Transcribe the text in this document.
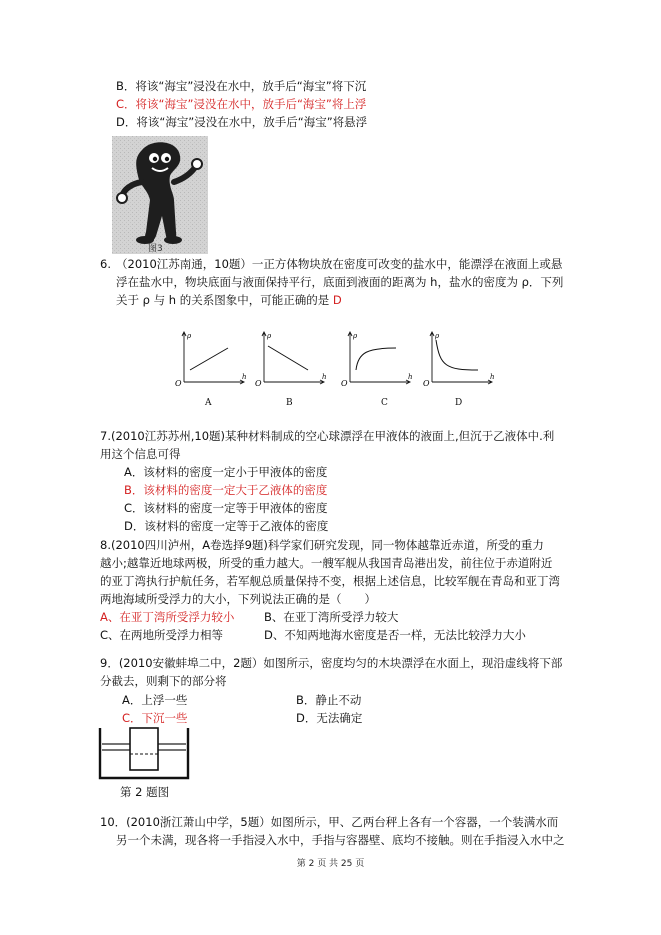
B．将该“海宝”浸没在水中，放手后“海宝”将下沉
C．将该“海宝”浸没在水中，放手后“海宝”将上浮
D．将该“海宝”浸没在水中，放手后“海宝”将悬浮
图3
6. （2010江苏南通，10题）一正方体物块放在密度可改变的盐水中，能漂浮在液面上或悬
浮在盐水中，物块底面与液面保持平行，底面到液面的距离为 h，盐水的密度为 ρ．下列
关于 ρ 与 h 的关系图象中，可能正确的是 D
ρ
h
O
ρ
h
O
ρ
h
O
ρ
h
O
A	B	C	D
7.(2010江苏苏州,10题)某种材料制成的空心球漂浮在甲液体的液面上,但沉于乙液体中.利
用这个信息可得
A．该材料的密度一定小于甲液体的密度
B．该材料的密度一定大于乙液体的密度
C．该材料的密度一定等于甲液体的密度
D．该材料的密度一定等于乙液体的密度
8.(2010四川泸州，A卷选择9题)科学家们研究发现，同一物体越靠近赤道，所受的重力
越小;越靠近地球两极，所受的重力越大。一艘军舰从我国青岛港出发，前往位于赤道附近
的亚丁湾执行护航任务，若军舰总质量保持不变，根据上述信息，比较军舰在青岛和亚丁湾
两地海域所受浮力的大小，下列说法正确的是（　　）
A、在亚丁湾所受浮力较小	B、在亚丁湾所受浮力较大
C、在两地所受浮力相等	D、不知两地海水密度是否一样，无法比较浮力大小
9．(2010安徽蚌埠二中，2题）如图所示，密度均匀的木块漂浮在水面上，现沿虚线将下部
分截去，则剩下的部分将
A．上浮一些	B．静止不动
C．下沉一些	D．无法确定
第 2 题图
10．(2010浙江萧山中学，5题）如图所示，甲、乙两台秤上各有一个容器，一个装满水而
另一个未满，现各将一手指浸入水中，手指与容器壁、底均不接触。则在手指浸入水中之
第 2 页 共 25 页
